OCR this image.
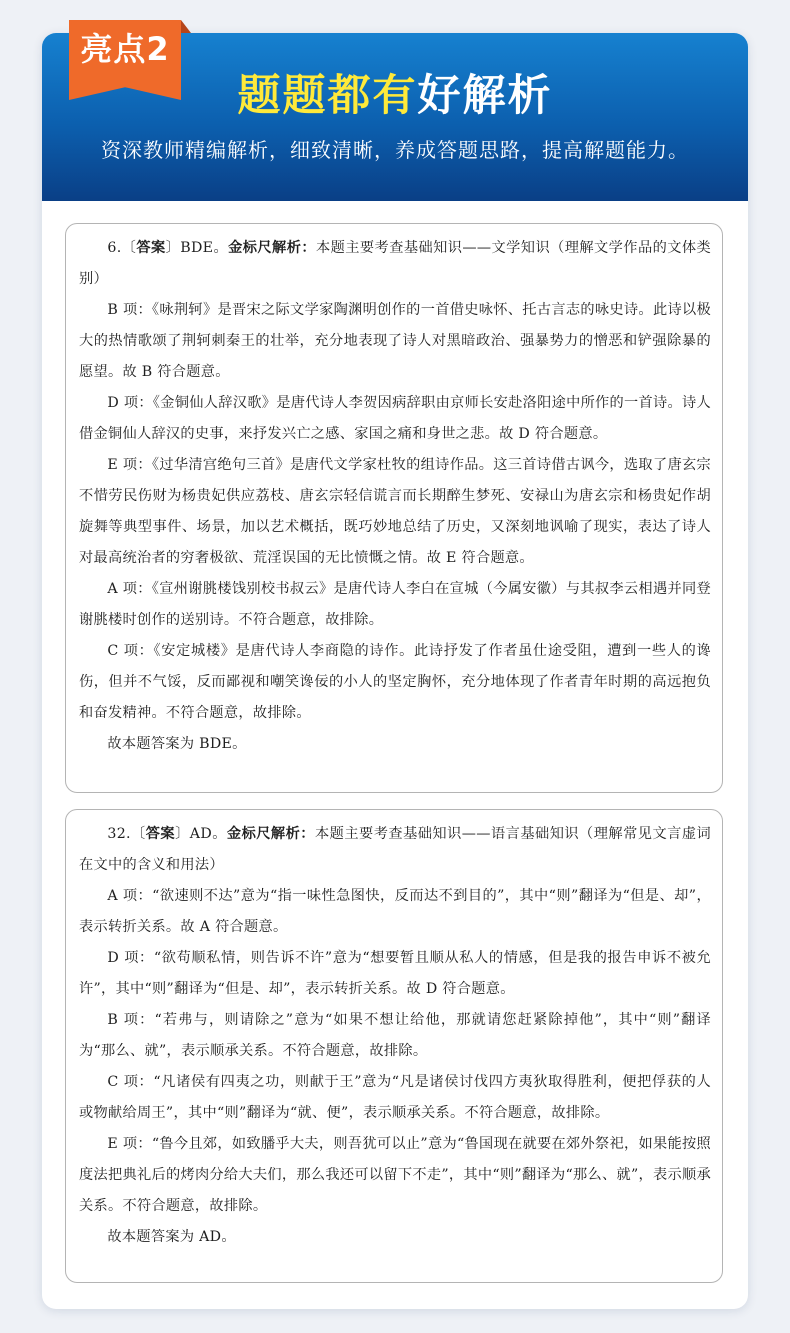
亮点2
题题都有好解析
资深教师精编解析，细致清晰，养成答题思路，提高解题能力。

6.〔答案〕BDE。金标尺解析：本题主要考查基础知识——文学知识（理解文学作品的文体类别）

B 项：《咏荆轲》是晋宋之际文学家陶渊明创作的一首借史咏怀、托古言志的咏史诗。此诗以极大的热情歌颂了荆轲刺秦王的壮举，充分地表现了诗人对黑暗政治、强暴势力的憎恶和铲强除暴的愿望。故 B 符合题意。

D 项：《金铜仙人辞汉歌》是唐代诗人李贺因病辞职由京师长安赴洛阳途中所作的一首诗。诗人借金铜仙人辞汉的史事，来抒发兴亡之感、家国之痛和身世之悲。故 D 符合题意。

E 项：《过华清宫绝句三首》是唐代文学家杜牧的组诗作品。这三首诗借古讽今，选取了唐玄宗不惜劳民伤财为杨贵妃供应荔枝、唐玄宗轻信谎言而长期醉生梦死、安禄山为唐玄宗和杨贵妃作胡旋舞等典型事件、场景，加以艺术概括，既巧妙地总结了历史，又深刻地讽喻了现实，表达了诗人对最高统治者的穷奢极欲、荒淫误国的无比愤慨之情。故 E 符合题意。

A 项：《宣州谢朓楼饯别校书叔云》是唐代诗人李白在宣城（今属安徽）与其叔李云相遇并同登谢朓楼时创作的送别诗。不符合题意，故排除。

C 项：《安定城楼》是唐代诗人李商隐的诗作。此诗抒发了作者虽仕途受阻，遭到一些人的谗伤，但并不气馁，反而鄙视和嘲笑谗佞的小人的坚定胸怀，充分地体现了作者青年时期的高远抱负和奋发精神。不符合题意，故排除。

故本题答案为 BDE。

32.〔答案〕AD。金标尺解析：本题主要考查基础知识——语言基础知识（理解常见文言虚词在文中的含义和用法）

A 项：“欲速则不达”意为“指一味性急图快，反而达不到目的”，其中“则”翻译为“但是、却”，表示转折关系。故 A 符合题意。

D 项：“欲苟顺私情，则告诉不许”意为“想要暂且顺从私人的情感，但是我的报告申诉不被允许”，其中“则”翻译为“但是、却”，表示转折关系。故 D 符合题意。

B 项：“若弗与，则请除之”意为“如果不想让给他，那就请您赶紧除掉他”，其中“则”翻译为“那么、就”，表示顺承关系。不符合题意，故排除。

C 项：“凡诸侯有四夷之功，则献于王”意为“凡是诸侯讨伐四方夷狄取得胜利，便把俘获的人或物献给周王”，其中“则”翻译为“就、便”，表示顺承关系。不符合题意，故排除。

E 项：“鲁今且郊，如致膰乎大夫，则吾犹可以止”意为“鲁国现在就要在郊外祭祀，如果能按照度法把典礼后的烤肉分给大夫们，那么我还可以留下不走”，其中“则”翻译为“那么、就”，表示顺承关系。不符合题意，故排除。

故本题答案为 AD。
